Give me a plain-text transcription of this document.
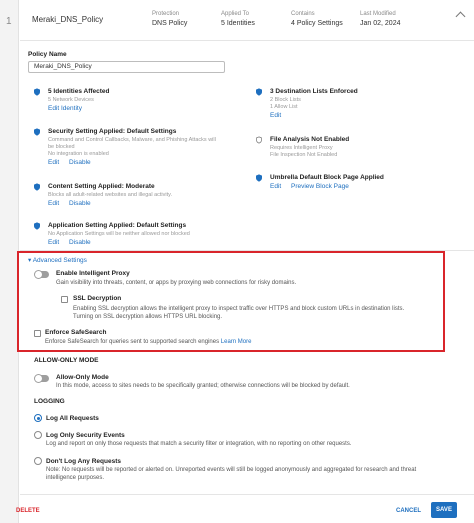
1	Meraki_DNS_Policy
Protection
DNS Policy
Applied To
5 Identities
Contains
4 Policy Settings
Last Modified
Jan 02, 2024
Policy Name
Meraki_DNS_Policy
5 Identities Affected
5 Network Devices
Edit Identity
3 Destination Lists Enforced
2 Block Lists
1 Allow List
Edit
Security Setting Applied: Default Settings
Command and Control Callbacks, Malware, and Phishing Attacks will
be blocked
No integration is enabled
Edit Disable
File Analysis Not Enabled
Requires Intelligent Proxy
File Inspection Not Enabled
Umbrella Default Block Page Applied
Edit Preview Block Page
Content Setting Applied: Moderate
Blocks all adult-related websites and illegal activity.
Edit Disable
Application Setting Applied: Default Settings
No Application Settings will be neither allowed nor blocked
Edit Disable
▾ Advanced Settings
Enable Intelligent Proxy
Gain visibility into threats, content, or apps by proxying web connections for risky domains.
SSL Decryption
Enabling SSL decryption allows the intelligent proxy to inspect traffic over HTTPS and block custom URLs in destination lists.
Turning on SSL decryption allows HTTPS URL blocking.
Enforce SafeSearch
Enforce SafeSearch for queries sent to supported search engines Learn More
ALLOW-ONLY MODE
Allow-Only Mode
In this mode, access to sites needs to be specifically granted; otherwise connections will be blocked by default.
LOGGING
Log All Requests
Log Only Security Events
Log and report on only those requests that match a security filter or integration, with no reporting on other requests.
Don't Log Any Requests
Note: No requests will be reported or alerted on. Unreported events will still be logged anonymously and aggregated for research and threat
intelligence purposes.
DELETE	CANCEL	SAVE
